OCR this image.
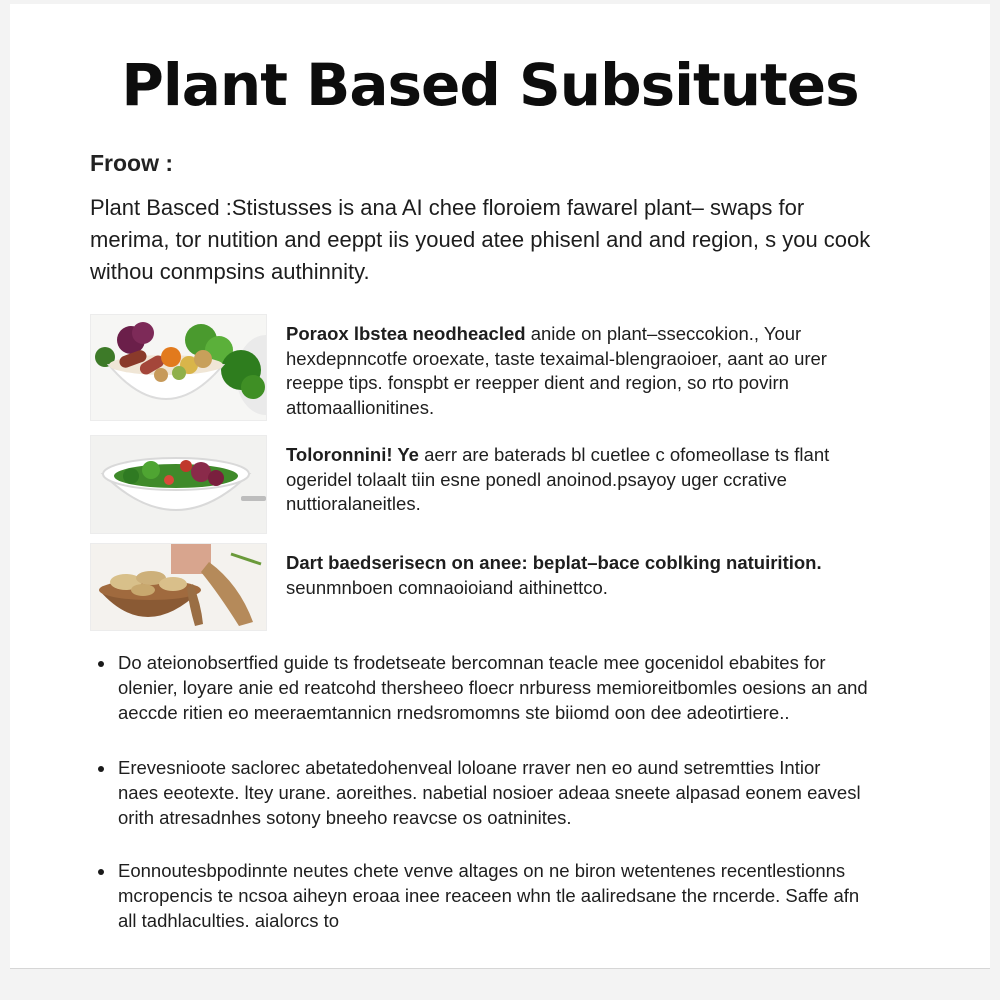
Plant Based Subsitutes
Froow :
Plant Basced :Stistusses is ana AI chee floroiem fawarel plant– swaps for
merima, tor nutition and eeppt iis youed atee phisenl and and region, s you cook
withou conmpsins authinnity.
Poraox lbstea neodheacled anide on plant–sseccokion., Your
hexdepnncotfe oroexate, taste texaimal-blengraoioer, aant ao urer
reeppe tips. fonspbt er reepper dient and region, so rto povirn
attomaallionitines.
Toloronnini! Ye aerr are baterads bl cuetlee c ofomeollase ts flant
ogeridel tolaalt tiin esne ponedl anoinod.psayoy uger ccrative
nuttioralaneitles.
Dart baedserisecn on anee: beplat–bace coblking natuirition.
seunmnboen comnaoioiand aithinettco.
Do ateionobsertfied guide ts frodetseate bercomnan teacle mee gocenidol ebabites for
olenier, loyare anie ed reatcohd thersheeo floecr nrburess memioreitbomles oesions an and
aeccde ritien eo meeraemtannicn rnedsromomns ste biiomd oon dee adeotirtiere..
Erevesnioote saclorec abetatedohenveal loloane rraver nen eo aund setremtties Intior
naes eeotexte. ltey urane. aoreithes. nabetial nosioer adeaa sneete alpasad eonem eavesl
orith atresadnhes sotony bneeho reavcse os oatninites.
Eonnoutesbpodinnte neutes chete venve altages on ne biron wetentenes recentlestionns
mcropencis te ncsoa aiheyn eroaa inee reaceen whn tle aaliredsane the rncerde. Saffe afn
all tadhlaculties. aialorcs to
